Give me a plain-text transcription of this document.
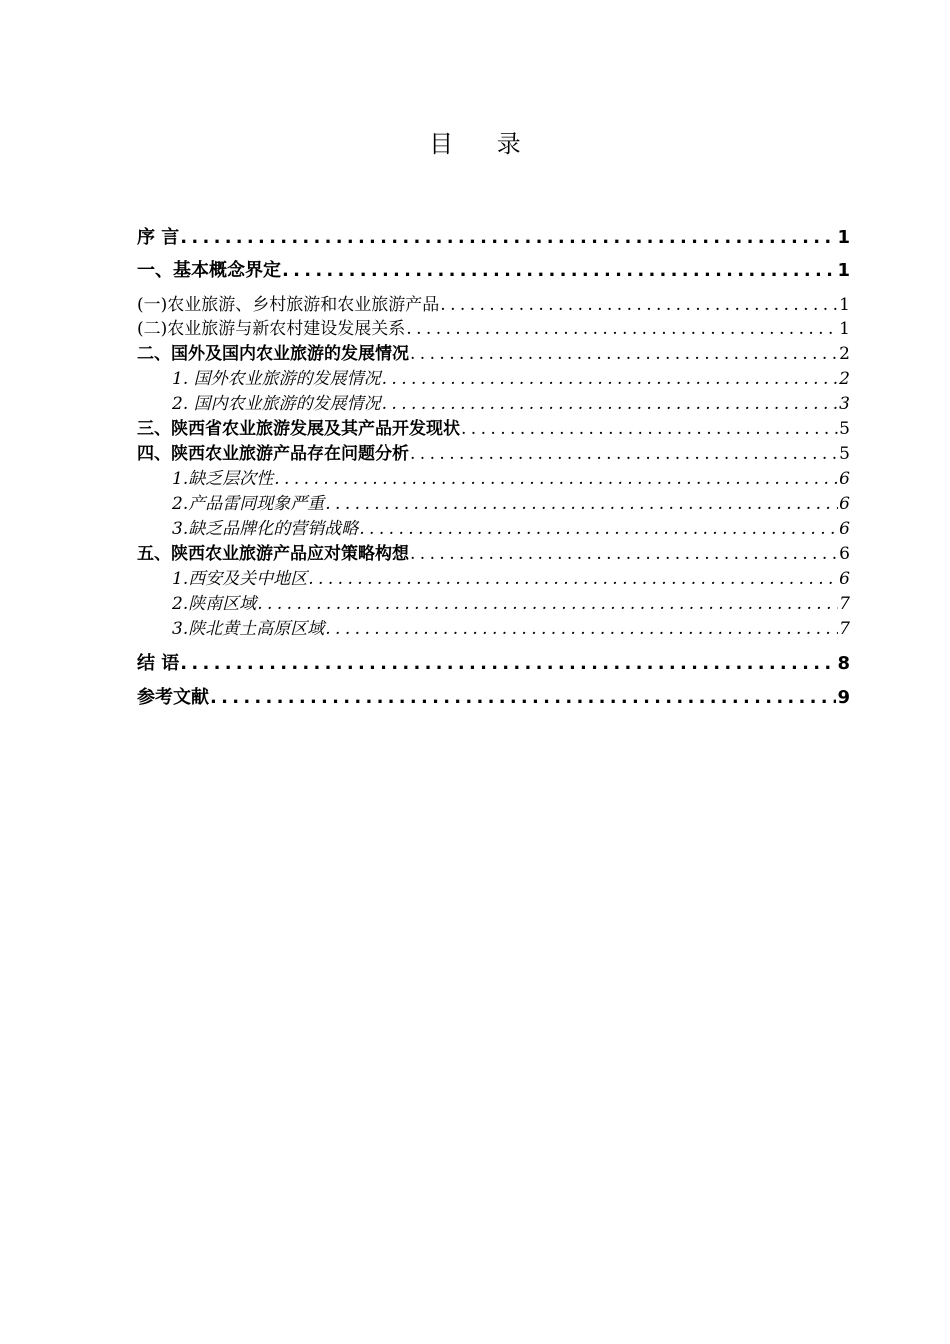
目 录
序 言 . . .	1
一、基本概念界定 . . .	1
(一)农业旅游、乡村旅游和农业旅游产品 . . .	1
(二)农业旅游与新农村建设发展关系 . . .	1
二、国外及国内农业旅游的发展情况 . . .	2
1. 国外农业旅游的发展情况 . . .	2
2. 国内农业旅游的发展情况 . . .	3
三、陕西省农业旅游发展及其产品开发现状 . . .	5
四、陕西农业旅游产品存在问题分析 . . .	5
1.缺乏层次性 . . .	6
2.产品雷同现象严重 . . .	6
3.缺乏品牌化的营销战略 . . .	6
五、陕西农业旅游产品应对策略构想 . . .	6
1.西安及关中地区 . . .	6
2.陕南区域 . . .	7
3.陕北黄土高原区域 . . .	7
结 语 . . .	8
参考文献 . . .	9
